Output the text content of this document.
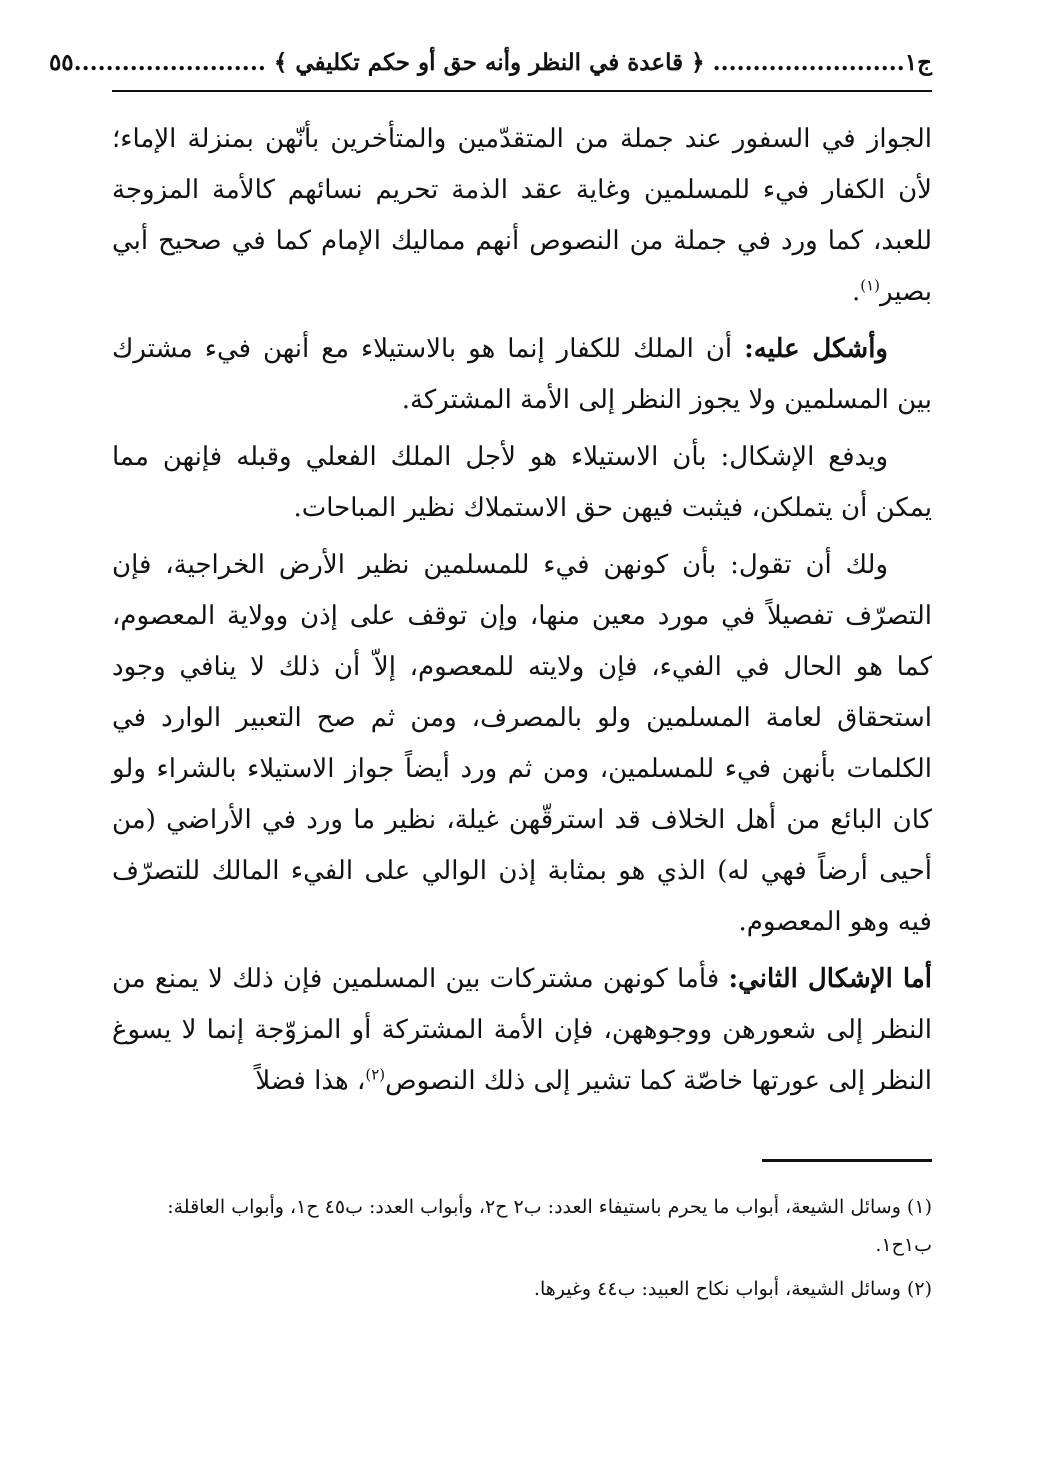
ج١
........................ ﴿ قاعدة في النظر وأنه حق أو حكم تكليفي ﴾ ........................
٥٥

الجواز في السفور عند جملة من المتقدّمين والمتأخرين بأنّهن بمنزلة الإماء؛ لأن الكفار فيء للمسلمين وغاية عقد الذمة تحريم نسائهم كالأمة المزوجة للعبد، كما ورد في جملة من النصوص أنهم مماليك الإمام كما في صحيح أبي بصير$^{(١)}$.

وأشكل عليه: أن الملك للكفار إنما هو بالاستيلاء مع أنهن فيء مشترك بين المسلمين ولا يجوز النظر إلى الأمة المشتركة.

ويدفع الإشكال: بأن الاستيلاء هو لأجل الملك الفعلي وقبله فإنهن مما يمكن أن يتملكن، فيثبت فيهن حق الاستملاك نظير المباحات.

ولك أن تقول: بأن كونهن فيء للمسلمين نظير الأرض الخراجية، فإن التصرّف تفصيلاً في مورد معين منها، وإن توقف على إذن وولاية المعصوم، كما هو الحال في الفيء، فإن ولايته للمعصوم، إلاّ أن ذلك لا ينافي وجود استحقاق لعامة المسلمين ولو بالمصرف، ومن ثم صح التعبير الوارد في الكلمات بأنهن فيء للمسلمين، ومن ثم ورد أيضاً جواز الاستيلاء بالشراء ولو كان البائع من أهل الخلاف قد استرقّهن غيلة، نظير ما ورد في الأراضي (من أحيى أرضاً فهي له) الذي هو بمثابة إذن الوالي على الفيء المالك للتصرّف فيه وهو المعصوم.

أما الإشكال الثاني: فأما كونهن مشتركات بين المسلمين فإن ذلك لا يمنع من النظر إلى شعورهن ووجوههن، فإن الأمة المشتركة أو المزوّجة إنما لا يسوغ النظر إلى عورتها خاصّة كما تشير إلى ذلك النصوص$^{(٢)}$، هذا فضلاً

(١) وسائل الشيعة، أبواب ما يحرم باستيفاء العدد: ب٢ ح٢، وأبواب العدد: ب٤٥ ح١، وأبواب العاقلة: ب١ح١.

(٢) وسائل الشيعة، أبواب نكاح العبيد: ب٤٤ وغيرها.
